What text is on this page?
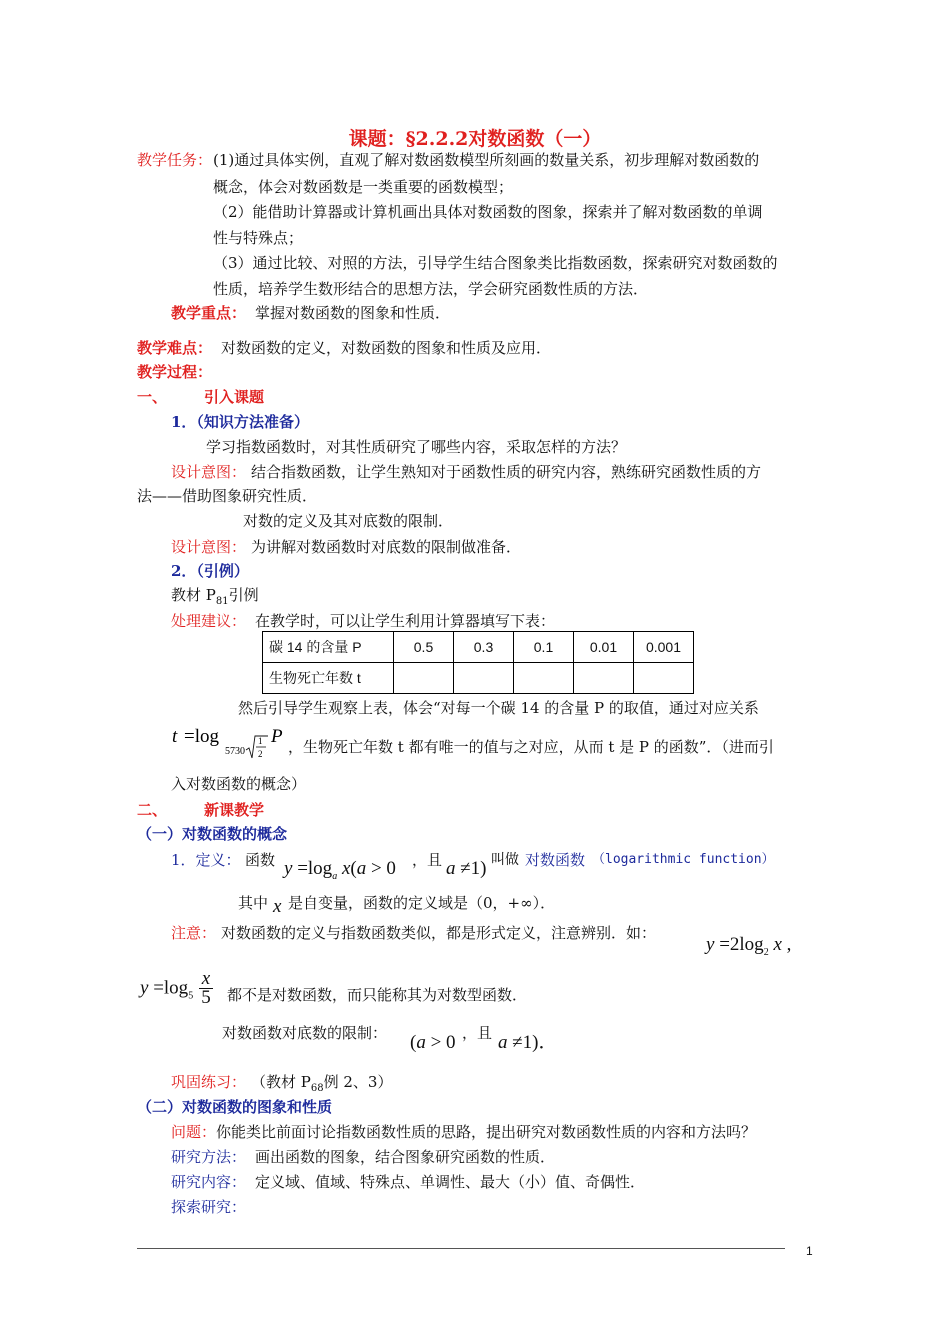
课题：§2.2.2对数函数（一）
教学任务： (1)通过具体实例，直观了解对数函数模型所刻画的数量关系，初步理解对数函数的
概念，体会对数函数是一类重要的函数模型；
（2）能借助计算器或计算机画出具体对数函数的图象，探索并了解对数函数的单调
性与特殊点；
（3）通过比较、对照的方法，引导学生结合图象类比指数函数，探索研究对数函数的
性质，培养学生数形结合的思想方法，学会研究函数性质的方法．
教学重点： 掌握对数函数的图象和性质．
教学难点： 对数函数的定义，对数函数的图象和性质及应用．
教学过程：
一、 引入课题
1．（知识方法准备）
学习指数函数时，对其性质研究了哪些内容，采取怎样的方法？
设计意图： 结合指数函数，让学生熟知对于函数性质的研究内容，熟练研究函数性质的方
法——借助图象研究性质．
对数的定义及其对底数的限制．
设计意图： 为讲解对数函数时对底数的限制做准备．
2．（引例）
教材 $P_{81}$引例
处理建议： 在教学时，可以让学生利用计算器填写下表：
碳 14 的含量 P	0.5	0.3	0.1	0.01	0.001
生物死亡年数 t					
然后引导学生观察上表，体会“对每一个碳 14 的含量 P 的取值，通过对应关系
t =log
5730
1
2
P ，生物死亡年数 t 都有唯一的值与之对应，从而 t 是 P 的函数”．（进而引
入对数函数的概念）
二、 新课教学
（一）对数函数的概念
1．定义： 函数 $y =\log_a$ x(a > 0 ，且 a ≠1) 叫做 对数函数 （logarithmic function）
其中 x 是自变量，函数的定义域是（0，+∞）．
注意： 对数函数的定义与指数函数类似，都是形式定义，注意辨别．如：
$y =2\log_2$ x ,
$y =\log_5 \frac{x}{5}$ 都不是对数函数，而只能称其为对数型函数．
对数函数对底数的限制： (a > 0 ，且 a ≠1)．
巩固练习： （教材 $P_{68}$例 2、3）
（二）对数函数的图象和性质
问题： 你能类比前面讨论指数函数性质的思路，提出研究对数函数性质的内容和方法吗？
研究方法： 画出函数的图象，结合图象研究函数的性质．
研究内容： 定义域、值域、特殊点、单调性、最大（小）值、奇偶性．
探索研究：
1
